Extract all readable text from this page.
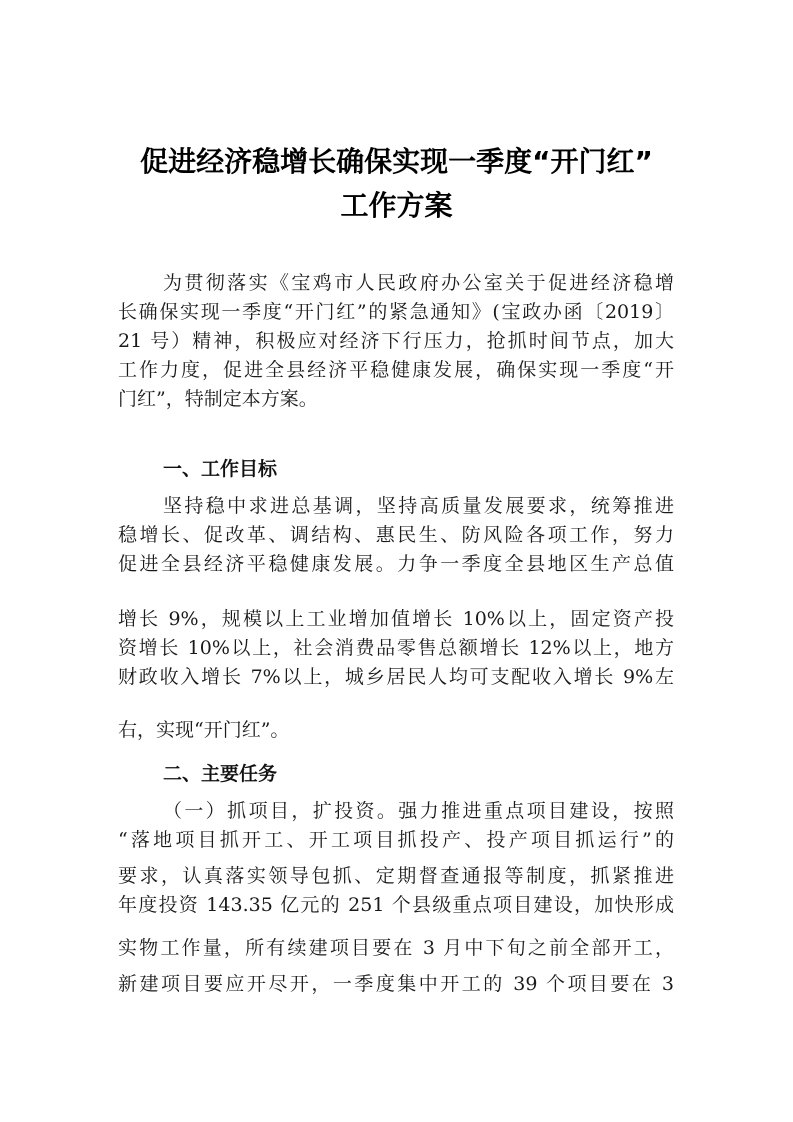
促进经济稳增长确保实现一季度“开门红”
工作方案
为贯彻落实《宝鸡市人民政府办公室关于促进经济稳增
长确保实现一季度“开门红”的紧急通知》(宝政办函〔2019〕
21 号）精神，积极应对经济下行压力，抢抓时间节点，加大
工作力度，促进全县经济平稳健康发展，确保实现一季度“开
门红”，特制定本方案。
一、工作目标
坚持稳中求进总基调，坚持高质量发展要求，统筹推进
稳增长、促改革、调结构、惠民生、防风险各项工作，努力
促进全县经济平稳健康发展。力争一季度全县地区生产总值
增长 9%，规模以上工业增加值增长 10%以上，固定资产投
资增长 10%以上，社会消费品零售总额增长 12%以上，地方
财政收入增长 7%以上，城乡居民人均可支配收入增长 9%左
右，实现“开门红”。
二、主要任务
（一）抓项目，扩投资。强力推进重点项目建设，按照
“落地项目抓开工、开工项目抓投产、投产项目抓运行”的
要求，认真落实领导包抓、定期督查通报等制度，抓紧推进
年度投资 143.35 亿元的 251 个县级重点项目建设，加快形成
实物工作量，所有续建项目要在 3 月中下旬之前全部开工，
新建项目要应开尽开，一季度集中开工的 39 个项目要在 3
